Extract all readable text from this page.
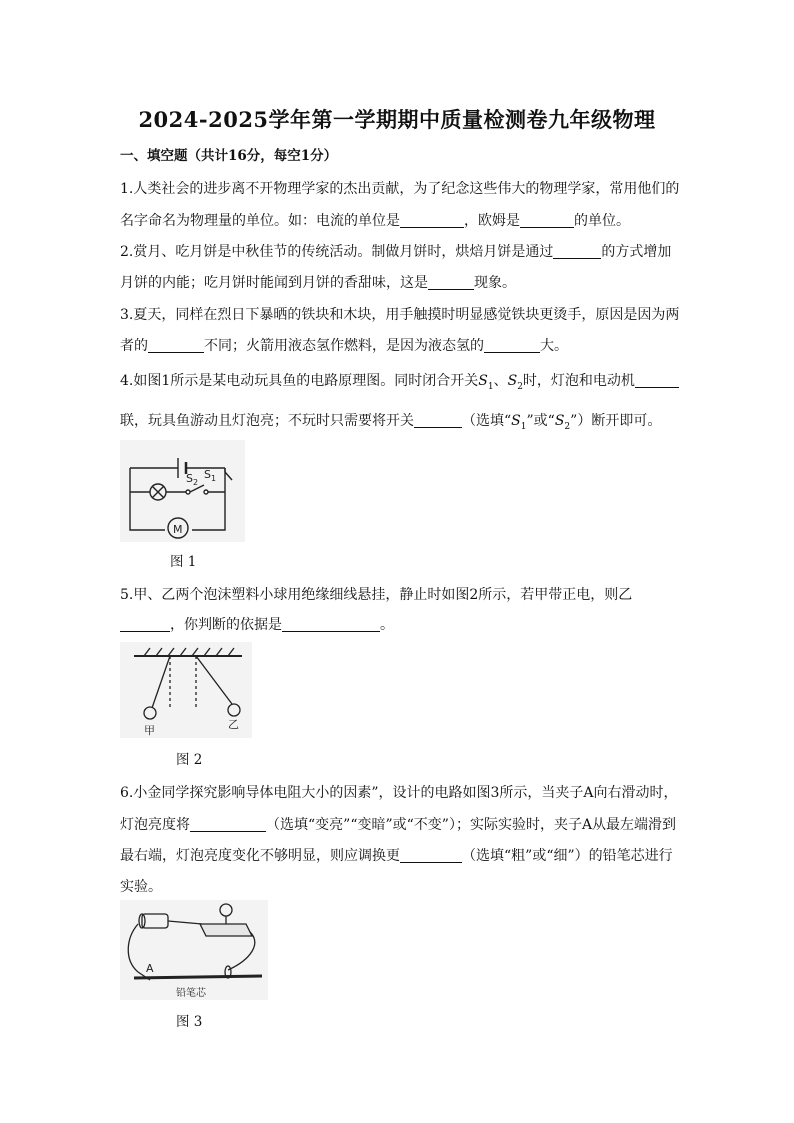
2024-2025学年第一学期期中质量检测卷九年级物理
一、填空题（共计16分，每空1分）
1.人类社会的进步离不开物理学家的杰出贡献，为了纪念这些伟大的物理学家，常用他们的
名字命名为物理量的单位。如：电流的单位是	，欧姆是	的单位。
2.赏月、吃月饼是中秋佳节的传统活动。制做月饼时，烘焙月饼是通过	的方式增加
月饼的内能；吃月饼时能闻到月饼的香甜味，这是	现象。
3.夏天，同样在烈日下暴晒的铁块和木块，用手触摸时明显感觉铁块更烫手，原因是因为两
者的	不同；火箭用液态氢作燃料，是因为液态氢的	大。
4.如图1所示是某电动玩具鱼的电路原理图。同时闭合开关$S_1$、$S_2$时，灯泡和电动机
联，玩具鱼游动且灯泡亮；不玩时只需要将开关	（选填“$S_1$”或“$S_2$”）断开即可。
M
$S_2$
$S_1$
图 1
5.甲、乙两个泡沫塑料小球用绝缘细线悬挂，静止时如图2所示，若甲带正电，则乙
，你判断的依据是	。
甲	乙
图 2
6.小金同学探究影响导体电阻大小的因素”，设计的电路如图3所示，当夹子A向右滑动时，
灯泡亮度将	（选填“变亮”“变暗”或“不变”）；实际实验时，夹子A从最左端滑到
最右端，灯泡亮度变化不够明显，则应调换更	（选填“粗”或“细”）的铅笔芯进行
实验。
A
铅笔芯
图 3
